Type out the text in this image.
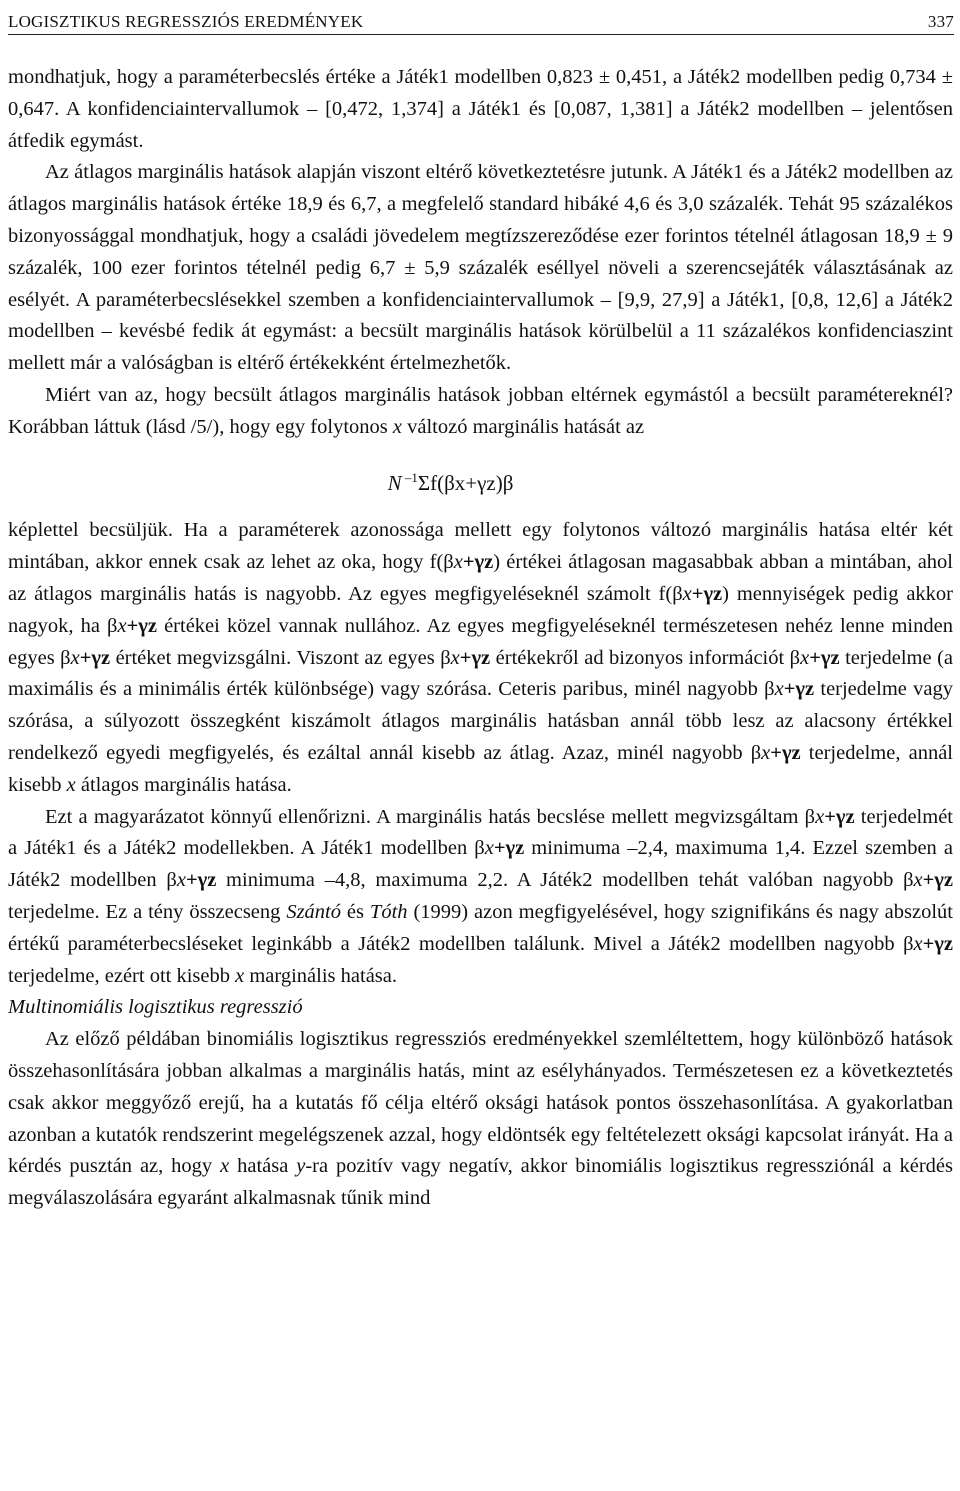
LOGISZTIKUS REGRESSZIÓS EREDMÉNYEK	337

mondhatjuk, hogy a paraméterbecslés értéke a Játék1 modellben 0,823 ± 0,451, a Játék2 modellben pedig 0,734 ± 0,647. A konfidenciaintervallumok – [0,472, 1,374] a Játék1 és [0,087, 1,381] a Játék2 modellben – jelentősen átfedik egymást.

Az átlagos marginális hatások alapján viszont eltérő következtetésre jutunk. A Játék1 és a Játék2 modellben az átlagos marginális hatások értéke 18,9 és 6,7, a megfelelő standard hibáké 4,6 és 3,0 százalék. Tehát 95 százalékos bizonyossággal mondhatjuk, hogy a családi jövedelem megtízszereződése ezer forintos tételnél átlagosan 18,9 ± 9 százalék, 100 ezer forintos tételnél pedig 6,7 ± 5,9 százalék eséllyel növeli a szerencsejáték választásának az esélyét. A paraméterbecslésekkel szemben a konfidenciaintervallumok – [9,9, 27,9] a Játék1, [0,8, 12,6] a Játék2 modellben – kevésbé fedik át egymást: a becsült marginális hatások körülbelül a 11 százalékos konfidenciaszint mellett már a valóságban is eltérő értékekként értelmezhetők.

Miért van az, hogy becsült átlagos marginális hatások jobban eltérnek egymástól a becsült paramétereknél? Korábban láttuk (lásd /5/), hogy egy folytonos x változó marginális hatását az

N $^{-1}$Σf(βx+γz)β

képlettel becsüljük. Ha a paraméterek azonossága mellett egy folytonos változó marginális hatása eltér két mintában, akkor ennek csak az lehet az oka, hogy f(βx+γz) értékei átlagosan magasabbak abban a mintában, ahol az átlagos marginális hatás is nagyobb. Az egyes megfigyeléseknél számolt f(βx+γz) mennyiségek pedig akkor nagyok, ha βx+γz értékei közel vannak nullához. Az egyes megfigyeléseknél természetesen nehéz lenne minden egyes βx+γz értéket megvizsgálni. Viszont az egyes βx+γz értékekről ad bizonyos információt βx+γz terjedelme (a maximális és a minimális érték különbsége) vagy szórása. Ceteris paribus, minél nagyobb βx+γz terjedelme vagy szórása, a súlyozott összegként kiszámolt átlagos marginális hatásban annál több lesz az alacsony értékkel rendelkező egyedi megfigyelés, és ezáltal annál kisebb az átlag. Azaz, minél nagyobb βx+γz terjedelme, annál kisebb x átlagos marginális hatása.

Ezt a magyarázatot könnyű ellenőrizni. A marginális hatás becslése mellett megvizsgáltam βx+γz terjedelmét a Játék1 és a Játék2 modellekben. A Játék1 modellben βx+γz minimuma –2,4, maximuma 1,4. Ezzel szemben a Játék2 modellben βx+γz minimuma –4,8, maximuma 2,2. A Játék2 modellben tehát valóban nagyobb βx+γz terjedelme. Ez a tény összecseng Szántó és Tóth (1999) azon megfigyelésével, hogy szignifikáns és nagy abszolút értékű paraméterbecsléseket leginkább a Játék2 modellben találunk. Mivel a Játék2 modellben nagyobb βx+γz terjedelme, ezért ott kisebb x marginális hatása.

Multinomiális logisztikus regresszió

Az előző példában binomiális logisztikus regressziós eredményekkel szemléltettem, hogy különböző hatások összehasonlítására jobban alkalmas a marginális hatás, mint az esélyhányados. Természetesen ez a következtetés csak akkor meggyőző erejű, ha a kutatás fő célja eltérő oksági hatások pontos összehasonlítása. A gyakorlatban azonban a kutatók rendszerint megelégszenek azzal, hogy eldöntsék egy feltételezett oksági kapcsolat irányát. Ha a kérdés pusztán az, hogy x hatása y-ra pozitív vagy negatív, akkor binomiális logisztikus regressziónál a kérdés megválaszolására egyaránt alkalmasnak tűnik mind
